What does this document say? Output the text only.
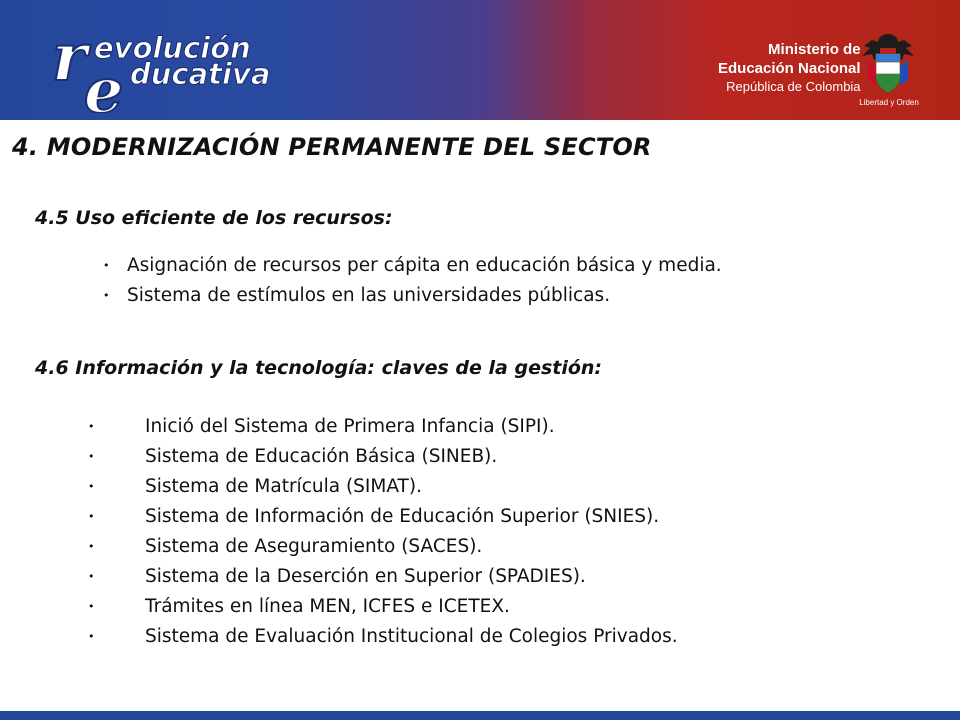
r
e
evolución
ducativa
Ministerio de
Educación Nacional
República de Colombia
Libertad y Orden
4. MODERNIZACIÓN PERMANENTE DEL SECTOR
4.5 Uso eficiente de los recursos:
• Asignación de recursos per cápita en educación básica y media.
• Sistema de estímulos en las universidades públicas.
4.6 Información y la tecnología: claves de la gestión:
•	Inició del Sistema de Primera Infancia (SIPI).
•	Sistema de Educación Básica (SINEB).
•	Sistema de Matrícula (SIMAT).
•	Sistema de Información de Educación Superior (SNIES).
•	Sistema de Aseguramiento (SACES).
•	Sistema de la Deserción en Superior (SPADIES).
•	Trámites en línea MEN, ICFES e ICETEX.
•	Sistema de Evaluación Institucional de Colegios Privados.
